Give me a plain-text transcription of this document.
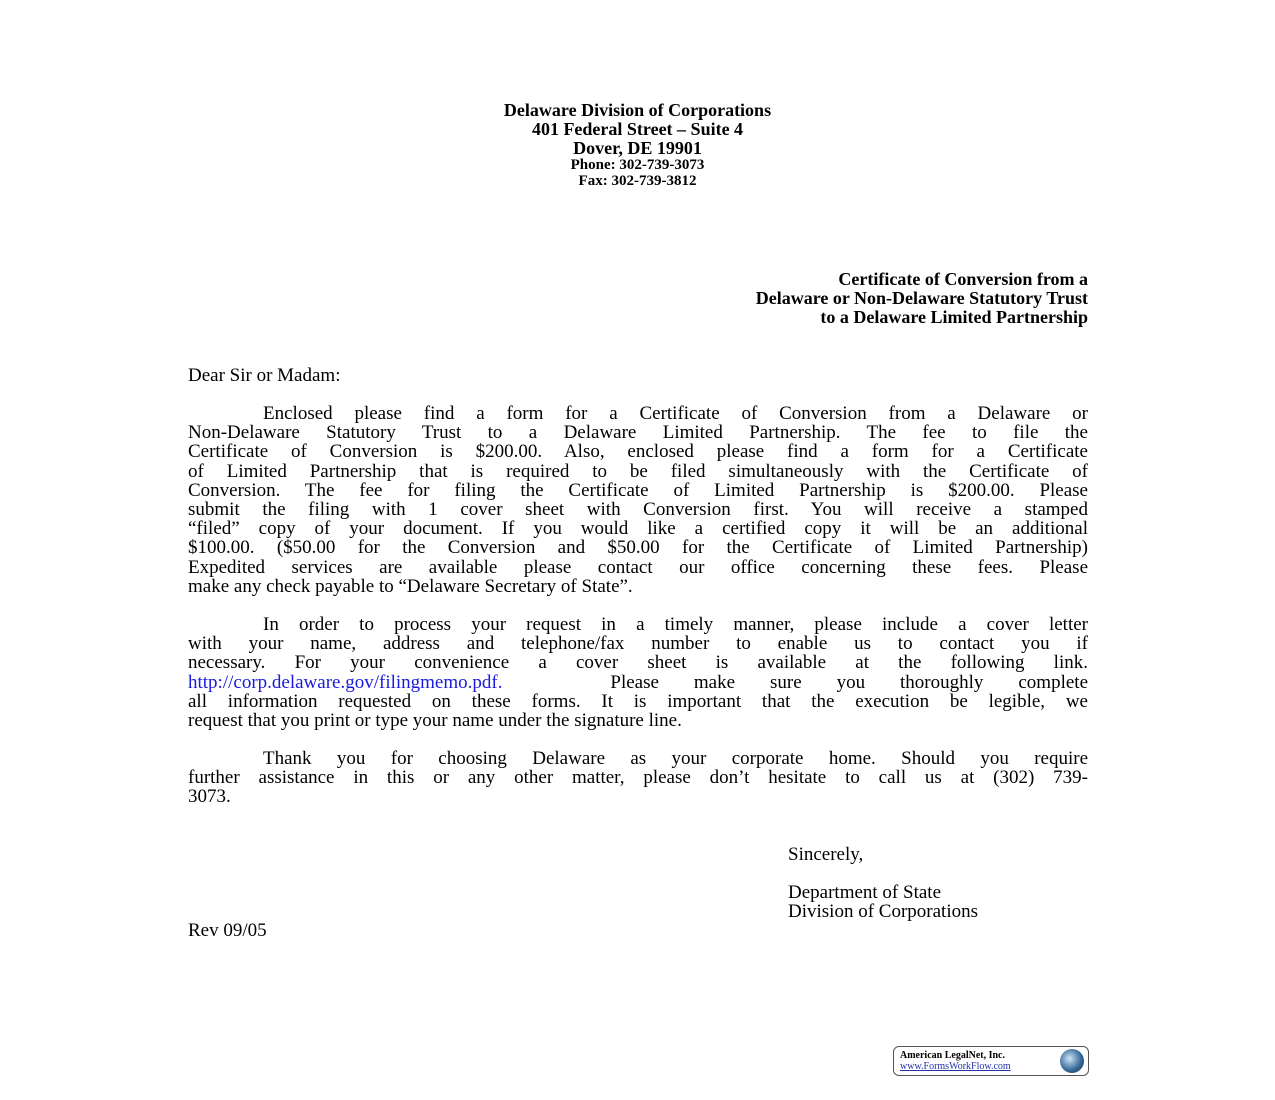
Delaware Division of Corporations
401 Federal Street – Suite 4
Dover, DE 19901
Phone: 302-739-3073
Fax: 302-739-3812
Certificate of Conversion from a
Delaware or Non-Delaware Statutory Trust
to a Delaware Limited Partnership
Dear Sir or Madam:
Enclosed please find a form for a Certificate of Conversion from a Delaware or
Non-Delaware Statutory Trust to a Delaware Limited Partnership. The fee to file the
Certificate of Conversion is $200.00. Also, enclosed please find a form for a Certificate
of Limited Partnership that is required to be filed simultaneously with the Certificate of
Conversion. The fee for filing the Certificate of Limited Partnership is $200.00. Please
submit the filing with 1 cover sheet with Conversion first. You will receive a stamped
“filed” copy of your document. If you would like a certified copy it will be an additional
$100.00. ($50.00 for the Conversion and $50.00 for the Certificate of Limited Partnership)
Expedited services are available please contact our office concerning these fees. Please
make any check payable to “Delaware Secretary of State”.
In order to process your request in a timely manner, please include a cover letter
with your name, address and telephone/fax number to enable us to contact you if
necessary. For your convenience a cover sheet is available at the following link.
http://corp.delaware.gov/filingmemo.pdf.   	Please make sure you thoroughly complete
all information requested on these forms. It is important that the execution be legible, we
request that you print or type your name under the signature line.
Thank you for choosing Delaware as your corporate home. Should you require
further assistance in this or any other matter, please don’t hesitate to call us at (302) 739-
3073.
Sincerely,
Department of State
Division of Corporations
Rev 09/05
American LegalNet, Inc.
www.FormsWorkFlow.com
